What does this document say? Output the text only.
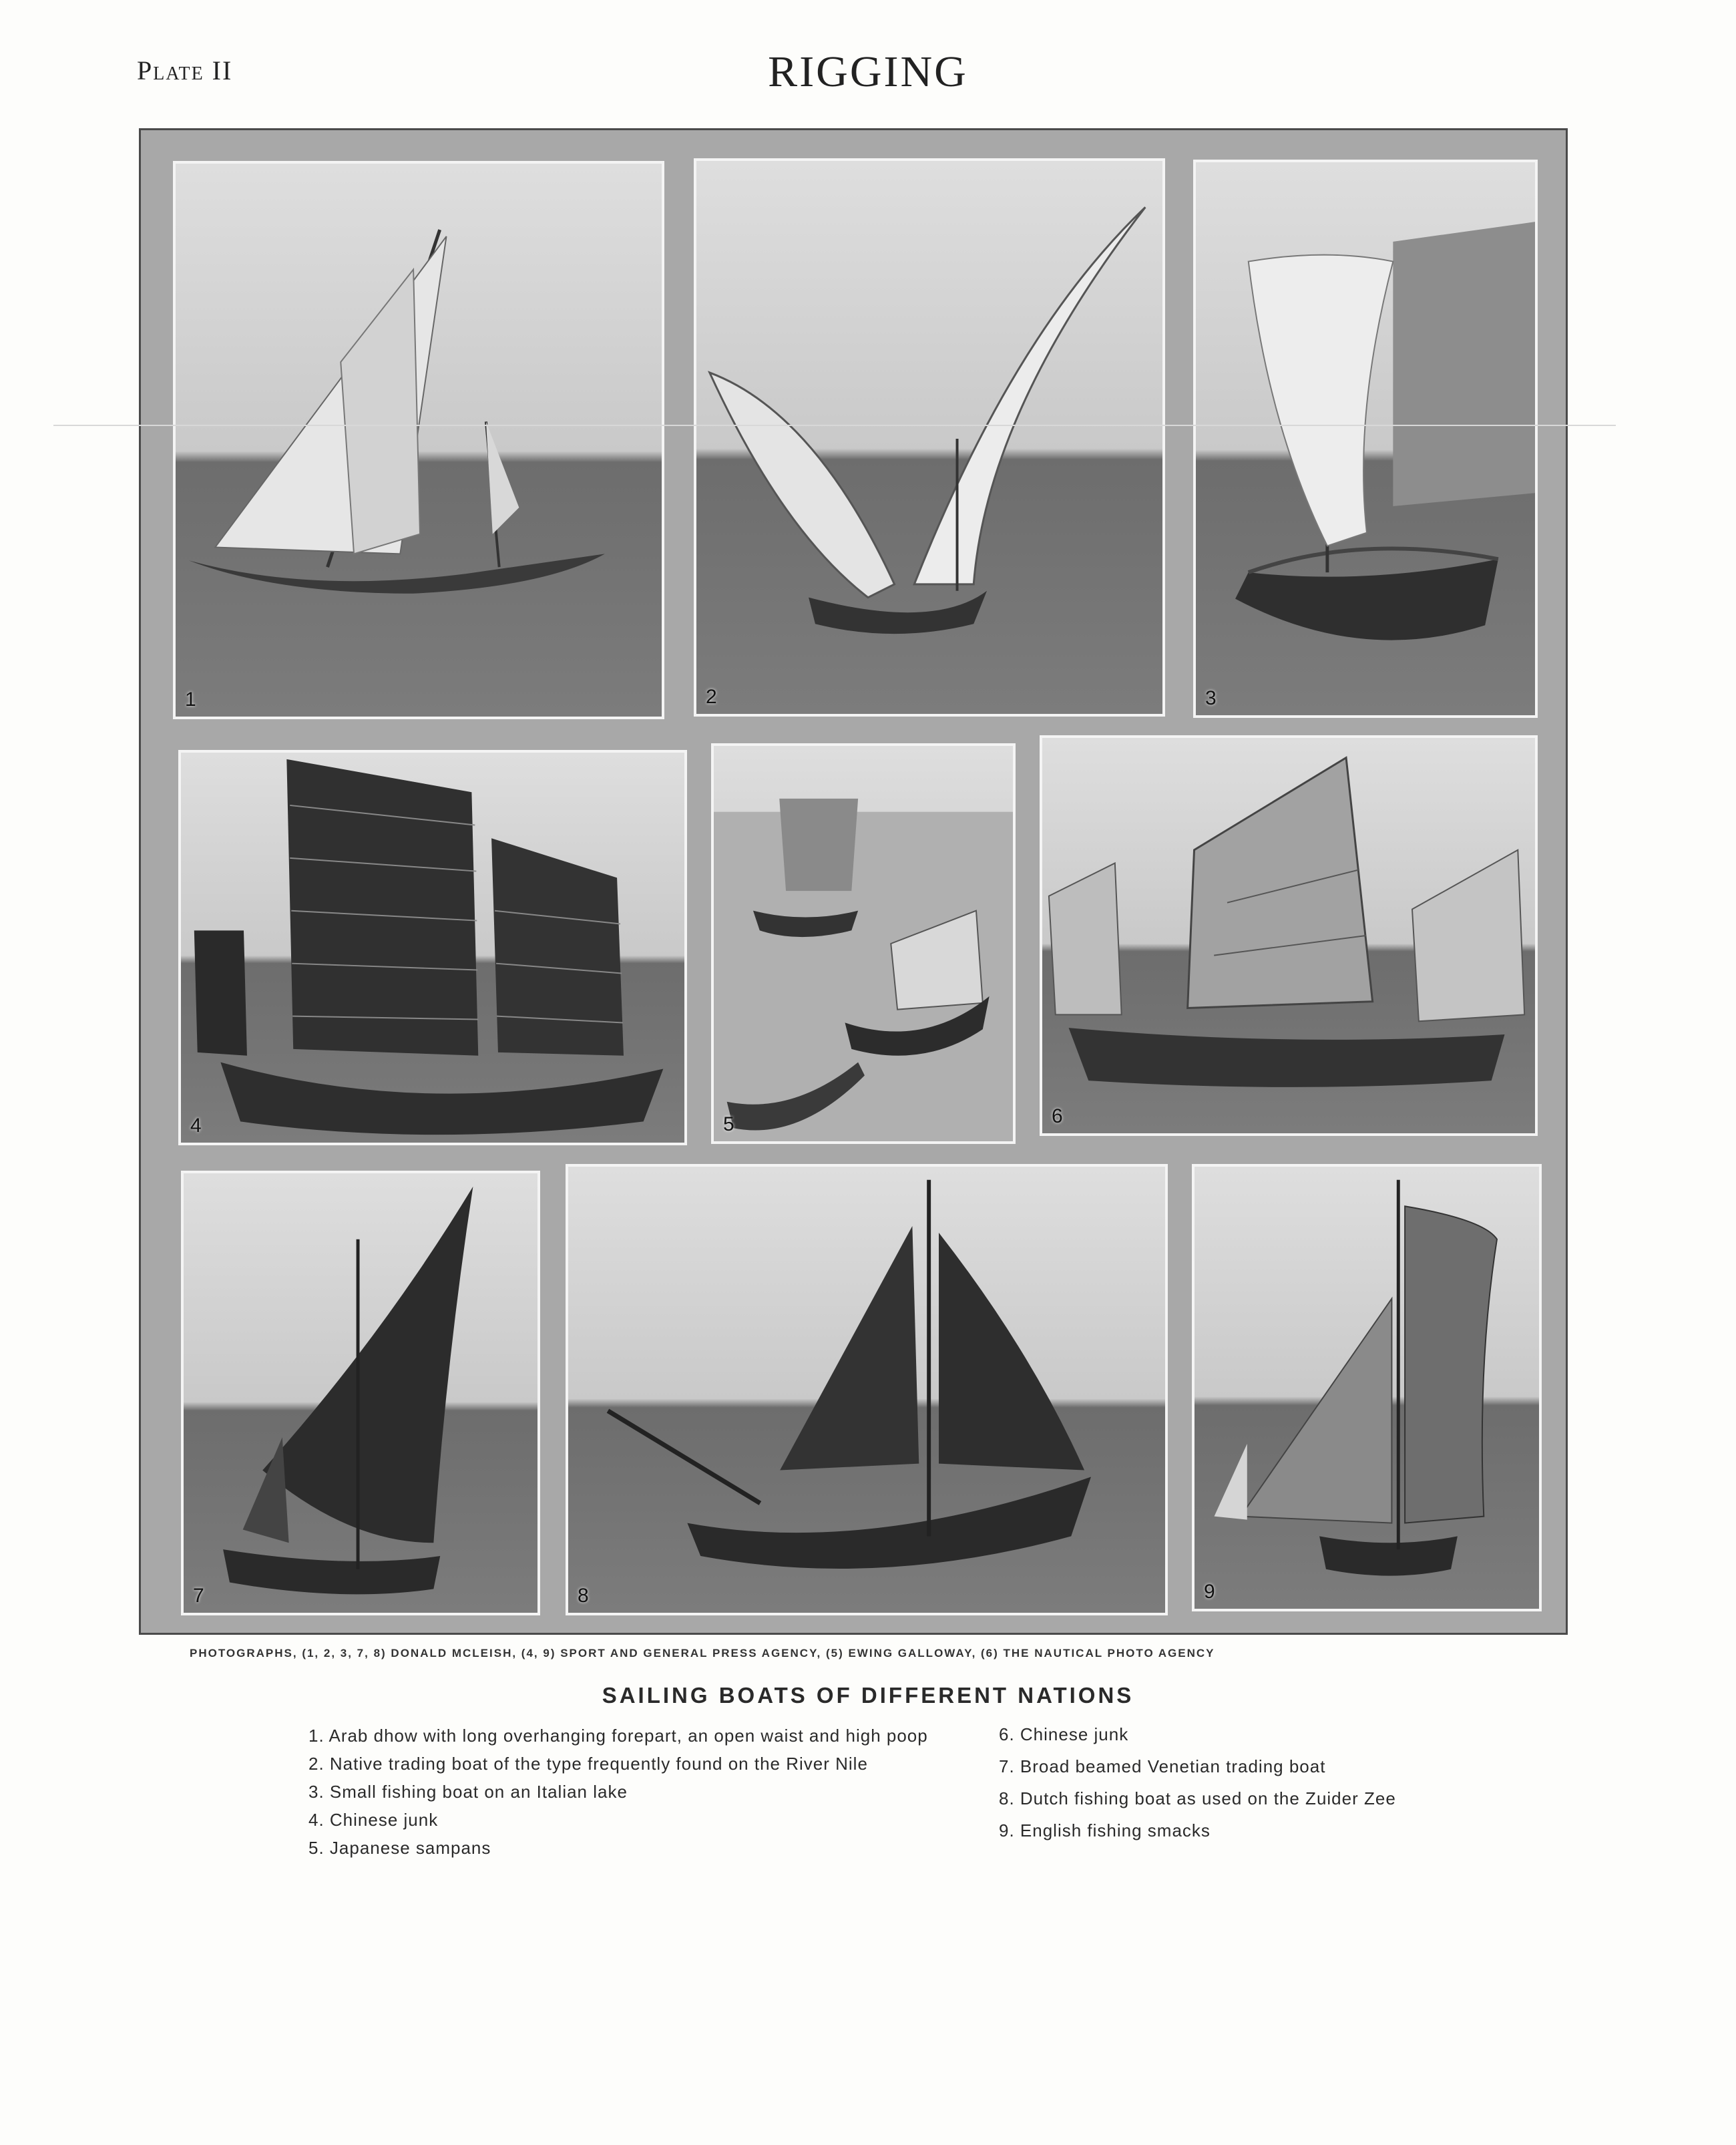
Plate II	RIGGING
1	2	3
4	5	6
7	8	9
PHOTOGRAPHS, (1, 2, 3, 7, 8) DONALD MCLEISH, (4, 9) SPORT AND GENERAL PRESS AGENCY, (5) EWING GALLOWAY, (6) THE NAUTICAL PHOTO AGENCY
SAILING BOATS OF DIFFERENT NATIONS
1. Arab dhow with long overhanging forepart, an open waist and high poop
2. Native trading boat of the type frequently found on the River Nile
3. Small fishing boat on an Italian lake
4. Chinese junk
5. Japanese sampans
6. Chinese junk
7. Broad beamed Venetian trading boat
8. Dutch fishing boat as used on the Zuider Zee
9. English fishing smacks
